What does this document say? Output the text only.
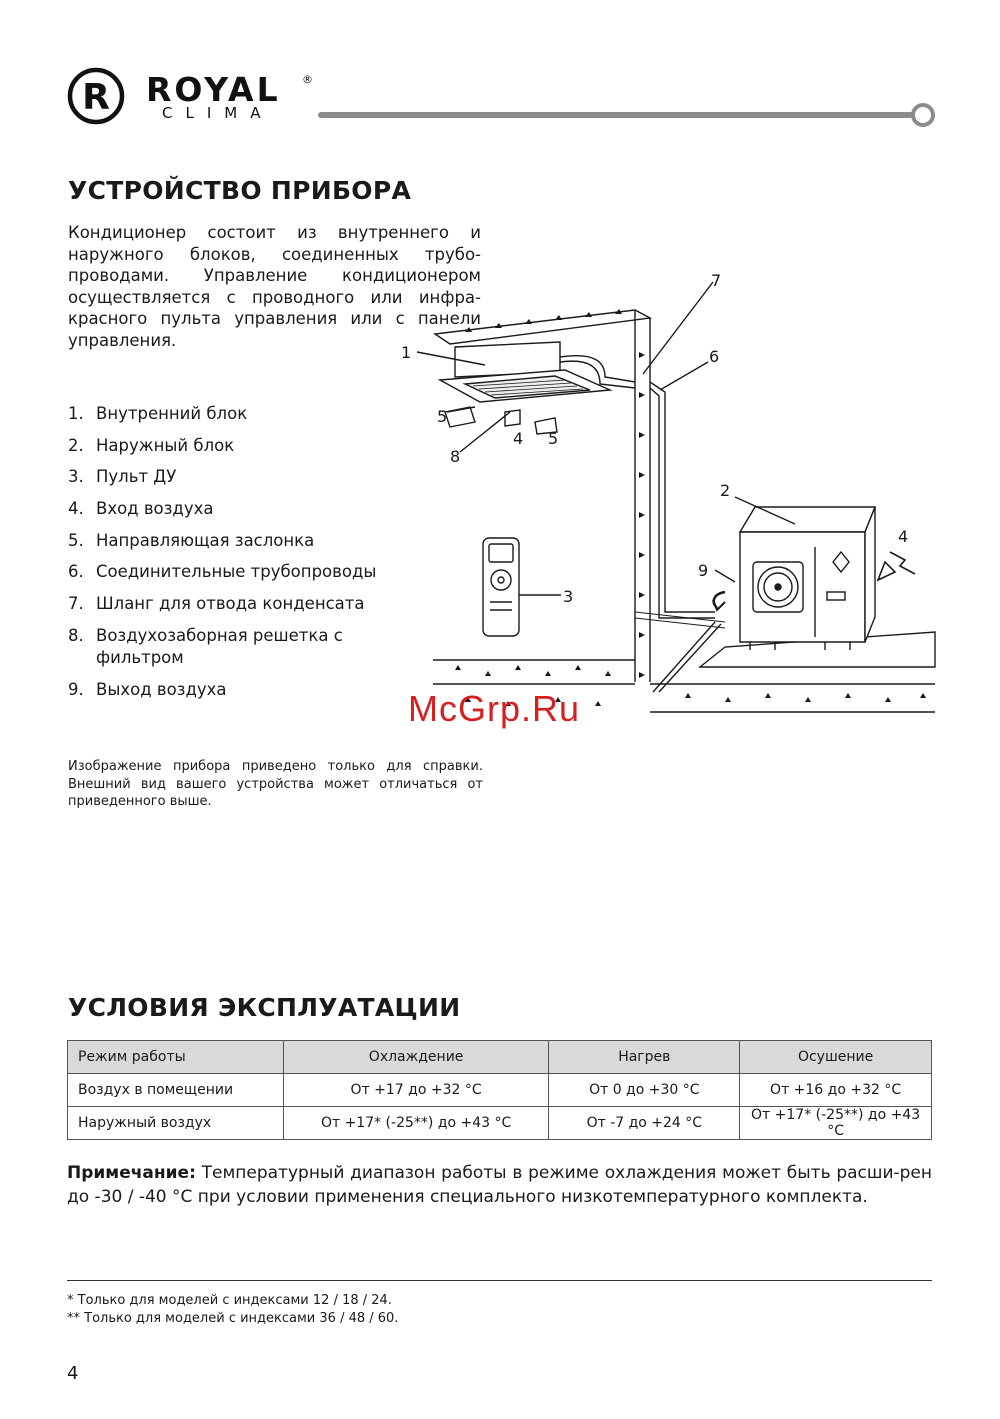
R ROYAL ®
CLIMA
УСТРОЙСТВО ПРИБОРА
Кондиционер состоит из внутреннего и наружного блоков, соединенных трубо-проводами. Управление кондиционером осуществляется с проводного или инфра-красного пульта управления или с панели управления.
1. Внутренний блок
2. Наружный блок
3. Пульт ДУ
4. Вход воздуха
5. Направляющая заслонка
6. Соединительные трубопроводы
7. Шланг для отвода конденсата
8. Воздухозаборная решетка с фильтром
9. Выход воздуха
1
2
3
4
4
5
5
6
7
8
9
McGrp.Ru
Изображение прибора приведено только для справки. Внешний вид вашего устройства может отличаться от приведенного выше.
УСЛОВИЯ ЭКСПЛУАТАЦИИ
Режим работы	Охлаждение	Нагрев	Осушение
Воздух в помещении	От +17 до +32 °С	От 0 до +30 °С	От +16 до +32 °С
Наружный воздух	От +17* (-25**) до +43 °С	От -7 до +24 °С	От +17* (-25**) до +43 °С
Примечание: Температурный диапазон работы в режиме охлаждения может быть расши-рен до -30 / -40 °С при условии применения специального низкотемпературного комплекта.
* Только для моделей с индексами 12 / 18 / 24.
** Только для моделей с индексами 36 / 48 / 60.
4
